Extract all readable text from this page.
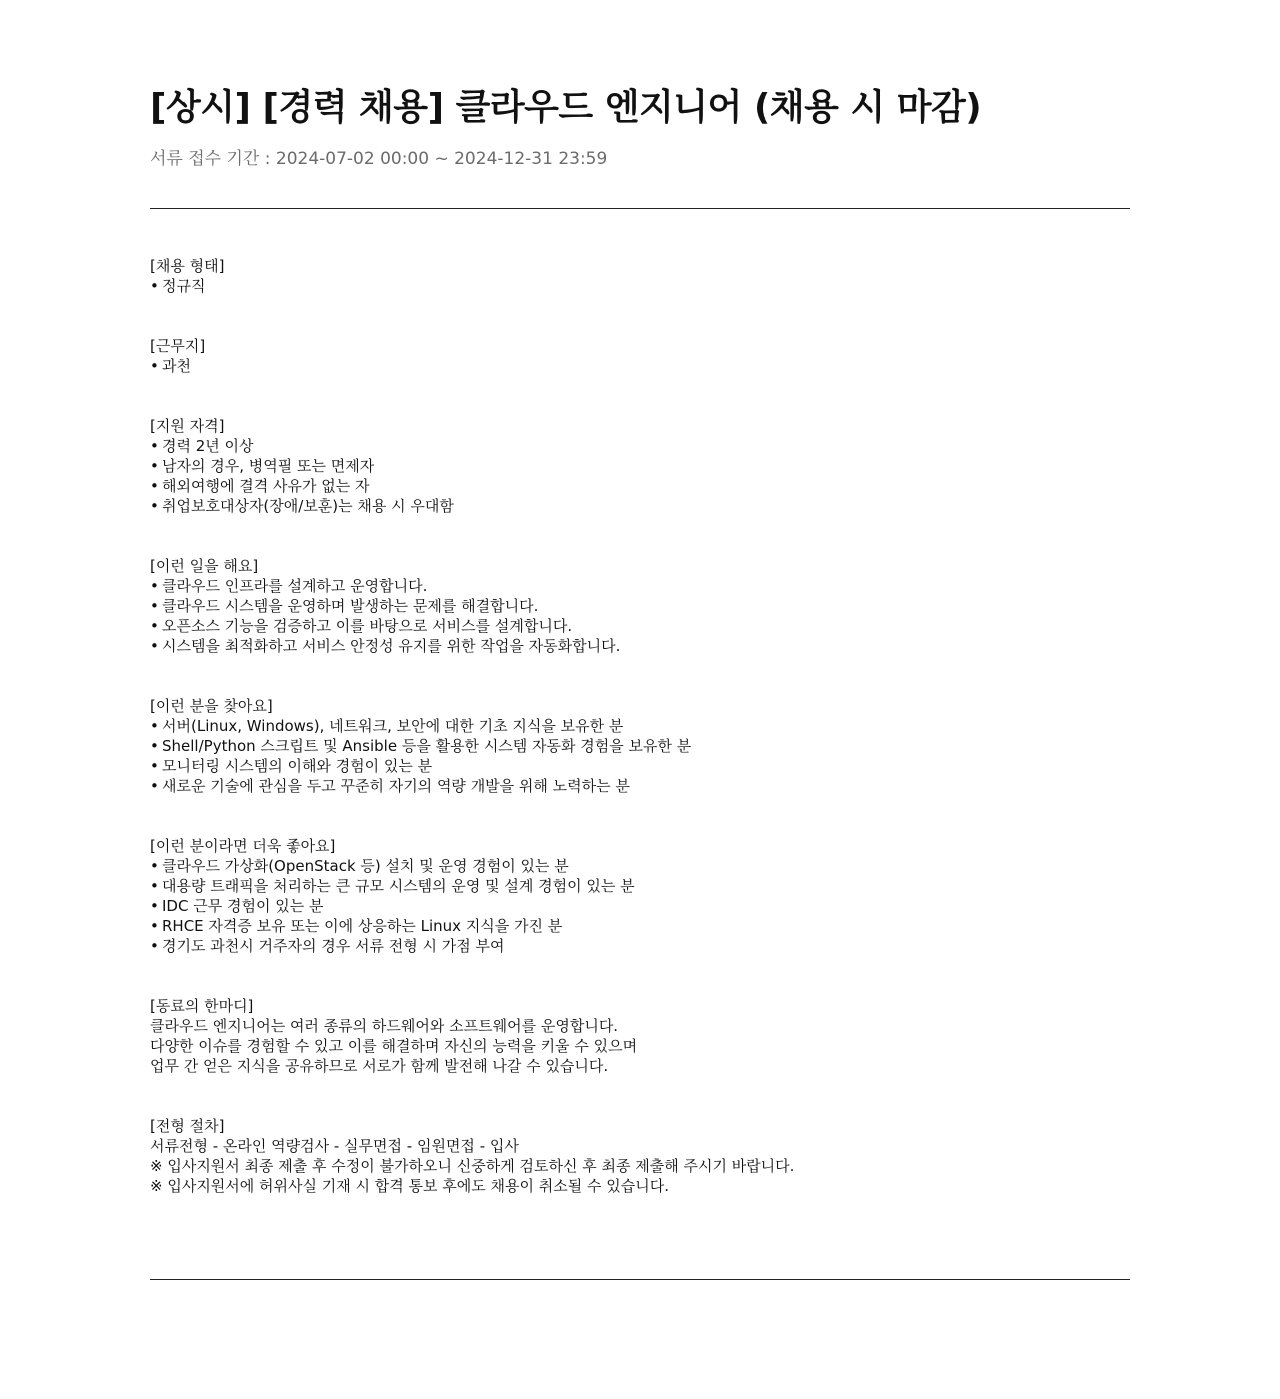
[상시] [경력 채용] 클라우드 엔지니어 (채용 시 마감)
서류 접수 기간 : 2024-07-02 00:00 ~ 2024-12-31 23:59
[채용 형태]
• 정규직
[근무지]
• 과천
[지원 자격]
• 경력 2년 이상
• 남자의 경우, 병역필 또는 면제자
• 해외여행에 결격 사유가 없는 자
• 취업보호대상자(장애/보훈)는 채용 시 우대함
[이런 일을 해요]
• 클라우드 인프라를 설계하고 운영합니다.
• 클라우드 시스템을 운영하며 발생하는 문제를 해결합니다.
• 오픈소스 기능을 검증하고 이를 바탕으로 서비스를 설계합니다.
• 시스템을 최적화하고 서비스 안정성 유지를 위한 작업을 자동화합니다.
[이런 분을 찾아요]
• 서버(Linux, Windows), 네트워크, 보안에 대한 기초 지식을 보유한 분
• Shell/Python 스크립트 및 Ansible 등을 활용한 시스템 자동화 경험을 보유한 분
• 모니터링 시스템의 이해와 경험이 있는 분
• 새로운 기술에 관심을 두고 꾸준히 자기의 역량 개발을 위해 노력하는 분
[이런 분이라면 더욱 좋아요]
• 클라우드 가상화(OpenStack 등) 설치 및 운영 경험이 있는 분
• 대용량 트래픽을 처리하는 큰 규모 시스템의 운영 및 설계 경험이 있는 분
• IDC 근무 경험이 있는 분
• RHCE 자격증 보유 또는 이에 상응하는 Linux 지식을 가진 분
• 경기도 과천시 거주자의 경우 서류 전형 시 가점 부여
[동료의 한마디]
클라우드 엔지니어는 여러 종류의 하드웨어와 소프트웨어를 운영합니다.
다양한 이슈를 경험할 수 있고 이를 해결하며 자신의 능력을 키울 수 있으며
업무 간 얻은 지식을 공유하므로 서로가 함께 발전해 나갈 수 있습니다.
[전형 절차]
서류전형 - 온라인 역량검사 - 실무면접 - 임원면접 - 입사
※ 입사지원서 최종 제출 후 수정이 불가하오니 신중하게 검토하신 후 최종 제출해 주시기 바랍니다.
※ 입사지원서에 허위사실 기재 시 합격 통보 후에도 채용이 취소될 수 있습니다.
